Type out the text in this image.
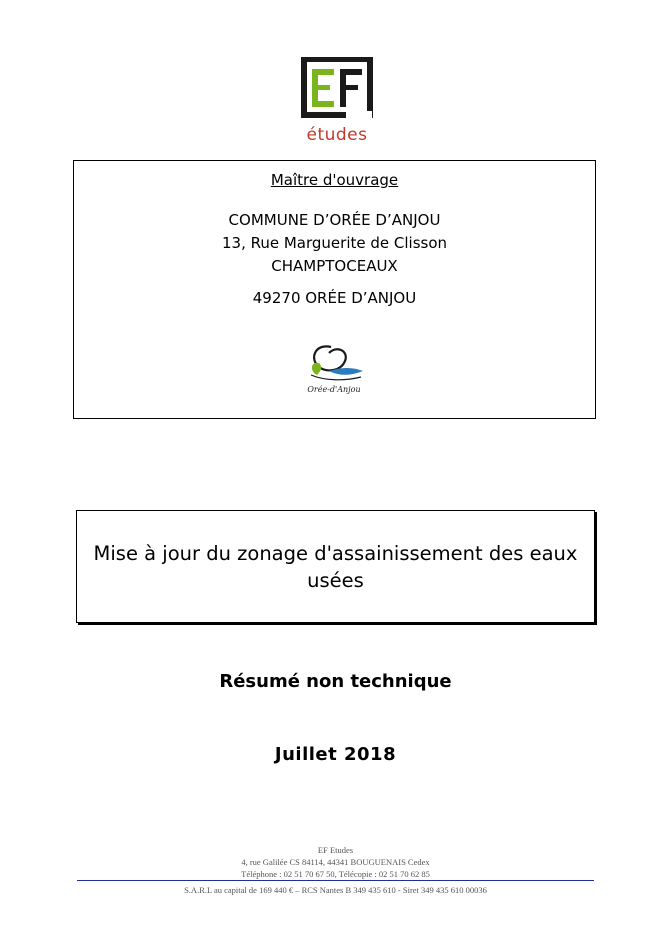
études
Maître d'ouvrage
COMMUNE D’ORÉE D’ANJOU
13, Rue Marguerite de Clisson
CHAMPTOCEAUX
49270 ORÉE D’ANJOU
Orée-d'Anjou
Mise à jour du zonage d'assainissement des eaux usées
Résumé non technique
Juillet 2018
EF Etudes
4, rue Galilée CS 84114, 44341 BOUGUENAIS Cedex
Téléphone : 02 51 70 67 50, Télécopie : 02 51 70 62 85
S.A.R.L au capital de 169 440 € – RCS Nantes B 349 435 610 - Siret 349 435 610 00036
